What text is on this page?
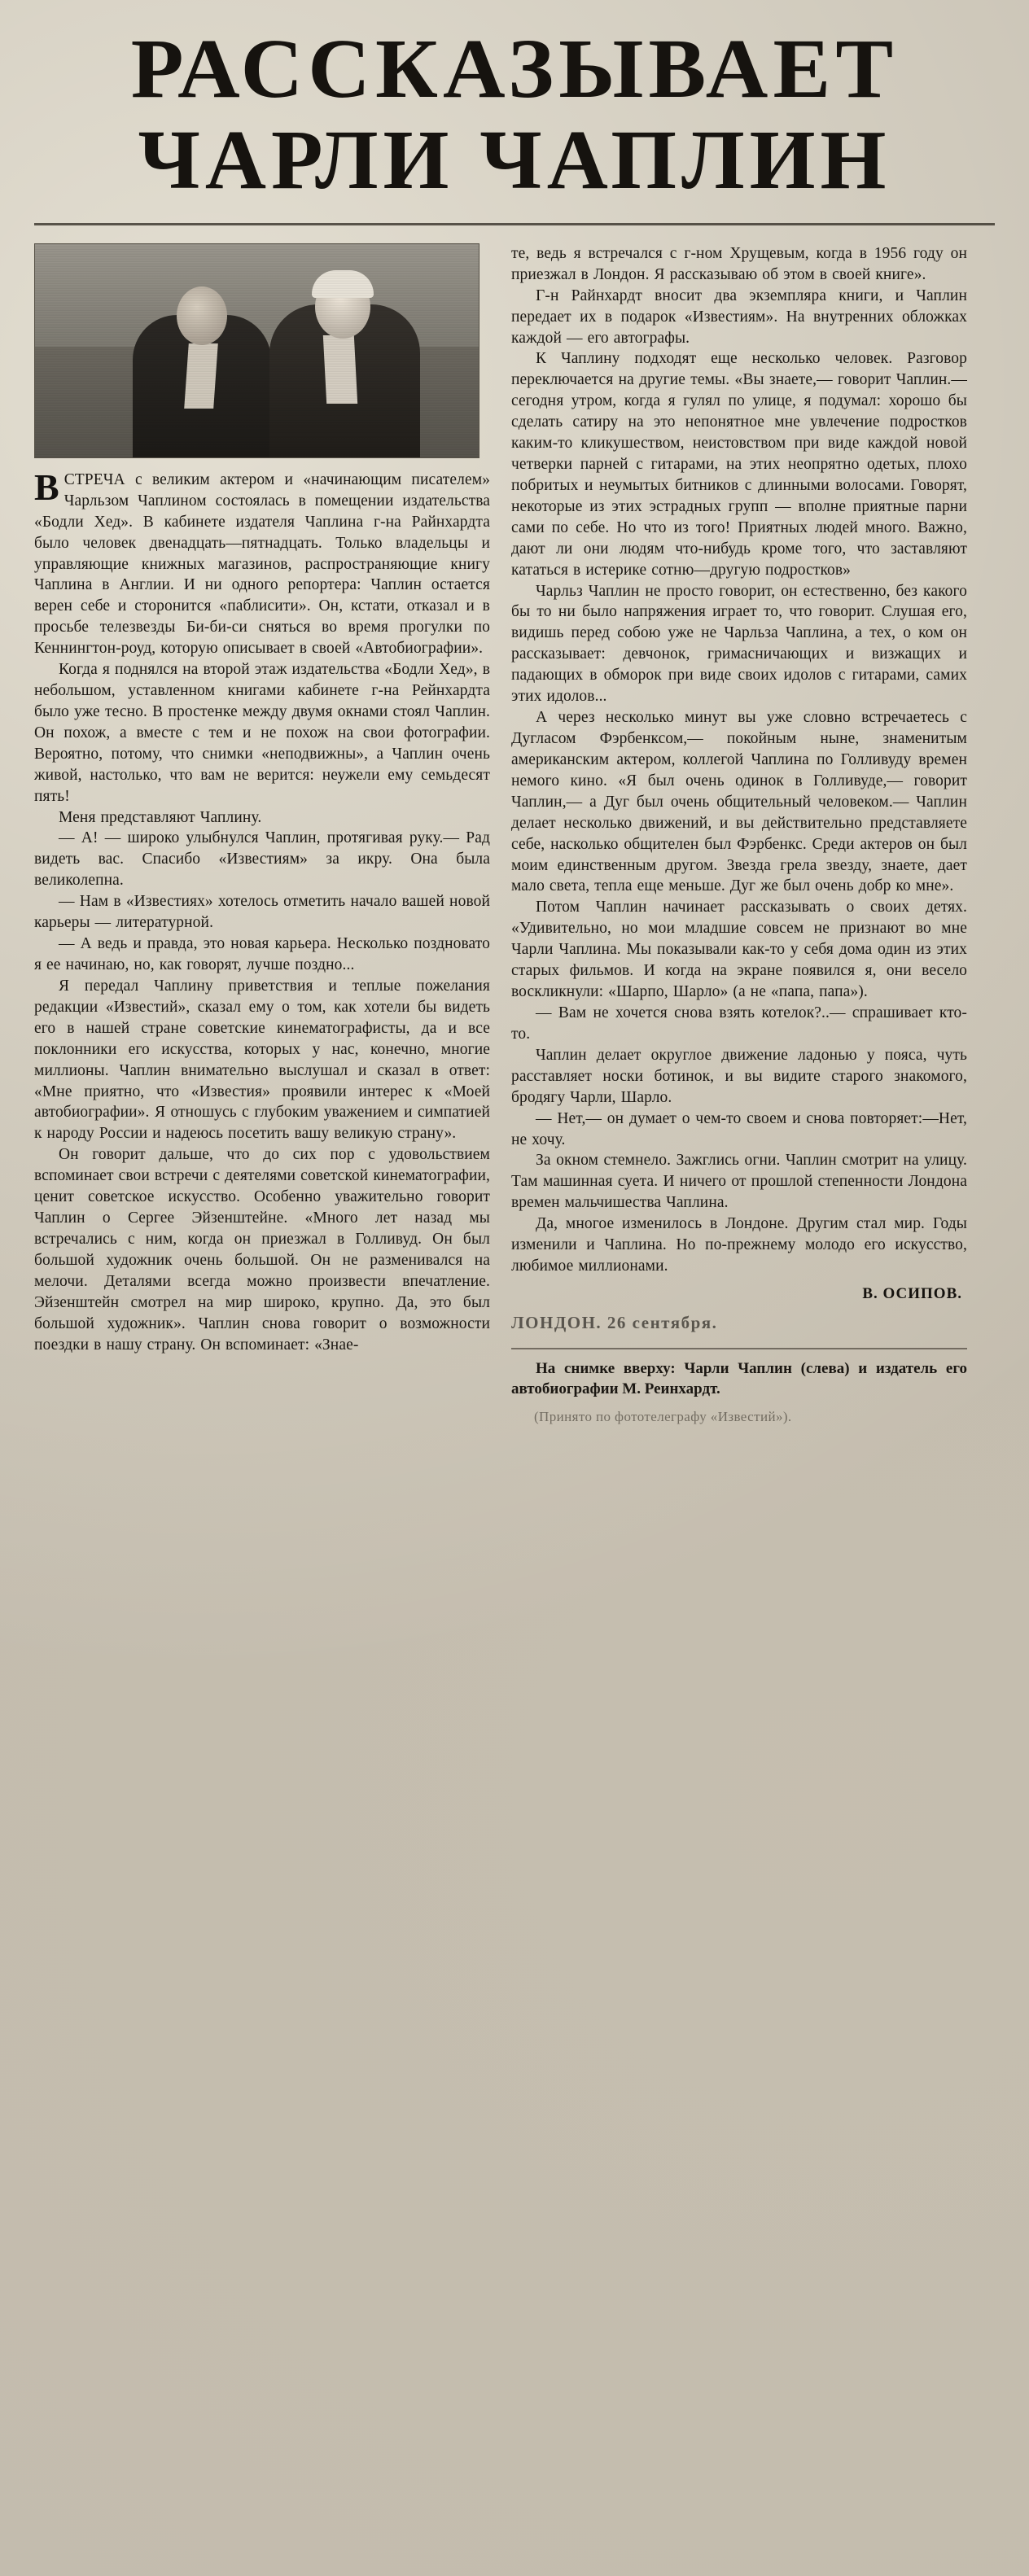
РАССКАЗЫВАЕТ
ЧАРЛИ ЧАПЛИН
В СТРЕЧА с великим актером и «начинающим писателем» Чарльзом Чаплином состоялась в помещении издательства «Бодли Хед». В кабинете издателя Чаплина г-на Райнхардта было человек двенадцать—пятнадцать. Только владельцы и управляющие книжных магазинов, распространяющие книгу Чаплина в Англии. И ни одного репортера: Чаплин остается верен себе и сторонится «паблисити». Он, кстати, отказал и в просьбе телезвезды Би-би-си сняться во время прогулки по Кеннингтон-роуд, которую описывает в своей «Автобиографии».

Когда я поднялся на второй этаж издательства «Бодли Хед», в небольшом, уставленном книгами кабинете г-на Рейнхардта было уже тесно. В простенке между двумя окнами стоял Чаплин. Он похож, а вместе с тем и не похож на свои фотографии. Вероятно, потому, что снимки «неподвижны», а Чаплин очень живой, настолько, что вам не верится: неужели ему семьдесят пять!

Меня представляют Чаплину.

— А! — широко улыбнулся Чаплин, протягивая руку.— Рад видеть вас. Спасибо «Известиям» за икру. Она была великолепна.

— Нам в «Известиях» хотелось отметить начало вашей новой карьеры — литературной.

— А ведь и правда, это новая карьера. Несколько поздновато я ее начинаю, но, как говорят, лучше поздно...

Я передал Чаплину приветствия и теплые пожелания редакции «Известий», сказал ему о том, как хотели бы видеть его в нашей стране советские кинематографисты, да и все поклонники его искусства, которых у нас, конечно, многие миллионы. Чаплин внимательно выслушал и сказал в ответ: «Мне приятно, что «Известия» проявили интерес к «Моей автобиографии». Я отношусь с глубоким уважением и симпатией к народу России и надеюсь посетить вашу великую страну».

Он говорит дальше, что до сих пор с удовольствием вспоминает свои встречи с деятелями советской кинематографии, ценит советское искусство. Особенно уважительно говорит Чаплин о Сергее Эйзенштейне. «Много лет назад мы встречались с ним, когда он приезжал в Голливуд. Он был большой художник очень большой. Он не разменивался на мелочи. Деталями всегда можно произвести впечатление. Эйзенштейн смотрел на мир широко, крупно. Да, это был большой художник». Чаплин снова говорит о возможности поездки в нашу страну. Он вспоминает: «Знае-

те, ведь я встречался с г-ном Хрущевым, когда в 1956 году он приезжал в Лондон. Я рассказываю об этом в своей книге».

Г-н Райнхардт вносит два экземпляра книги, и Чаплин передает их в подарок «Известиям». На внутренних обложках каждой — его автографы.

К Чаплину подходят еще несколько человек. Разговор переключается на другие темы. «Вы знаете,— говорит Чаплин.— сегодня утром, когда я гулял по улице, я подумал: хорошо бы сделать сатиру на это непонятное мне увлечение подростков каким-то кликушеством, неистовством при виде каждой новой четверки парней с гитарами, на этих неопрятно одетых, плохо побритых и неумытых битников с длинными волосами. Говорят, некоторые из этих эстрадных групп — вполне приятные парни сами по себе. Но что из того! Приятных людей много. Важно, дают ли они людям что-нибудь кроме того, что заставляют кататься в истерике сотню—другую подростков»

Чарльз Чаплин не просто говорит, он естественно, без какого бы то ни было напряжения играет то, что говорит. Слушая его, видишь перед собою уже не Чарльза Чаплина, а тех, о ком он рассказывает: девчонок, гримасничающих и визжащих и падающих в обморок при виде своих идолов с гитарами, самих этих идолов...

А через несколько минут вы уже словно встречаетесь с Дугласом Фэрбенксом,— покойным ныне, знаменитым американским актером, коллегой Чаплина по Голливуду времен немого кино. «Я был очень одинок в Голливуде,— говорит Чаплин,— а Дуг был очень общительный человеком.— Чаплин делает несколько движений, и вы действительно представляете себе, насколько общителен был Фэрбенкс. Среди актеров он был моим единственным другом. Звезда грела звезду, знаете, дает мало света, тепла еще меньше. Дуг же был очень добр ко мне».

Потом Чаплин начинает рассказывать о своих детях. «Удивительно, но мои младшие совсем не признают во мне Чарли Чаплина. Мы показывали как-то у себя дома один из этих старых фильмов. И когда на экране появился я, они весело воскликнули: «Шарпо, Шарло» (а не «папа, папа»).

— Вам не хочется снова взять котелок?..— спрашивает кто-то.

Чаплин делает округлое движение ладонью у пояса, чуть расставляет носки ботинок, и вы видите старого знакомого, бродягу Чарли, Шарло.

— Нет,— он думает о чем-то своем и снова повторяет:—Нет, не хочу.

За окном стемнело. Зажглись огни. Чаплин смотрит на улицу. Там машинная суета. И ничего от прошлой степенности Лондона времен мальчишества Чаплина.

Да, многое изменилось в Лондоне. Другим стал мир. Годы изменили и Чаплина. Но по-прежнему молодо его искусство, любимое миллионами.

В. ОСИПОВ.
ЛОНДОН. 26 сентября.
На снимке вверху: Чарли Чаплин (слева) и издатель его автобиографии М. Реинхардт.
(Принято по фототелеграфу «Известий»).
